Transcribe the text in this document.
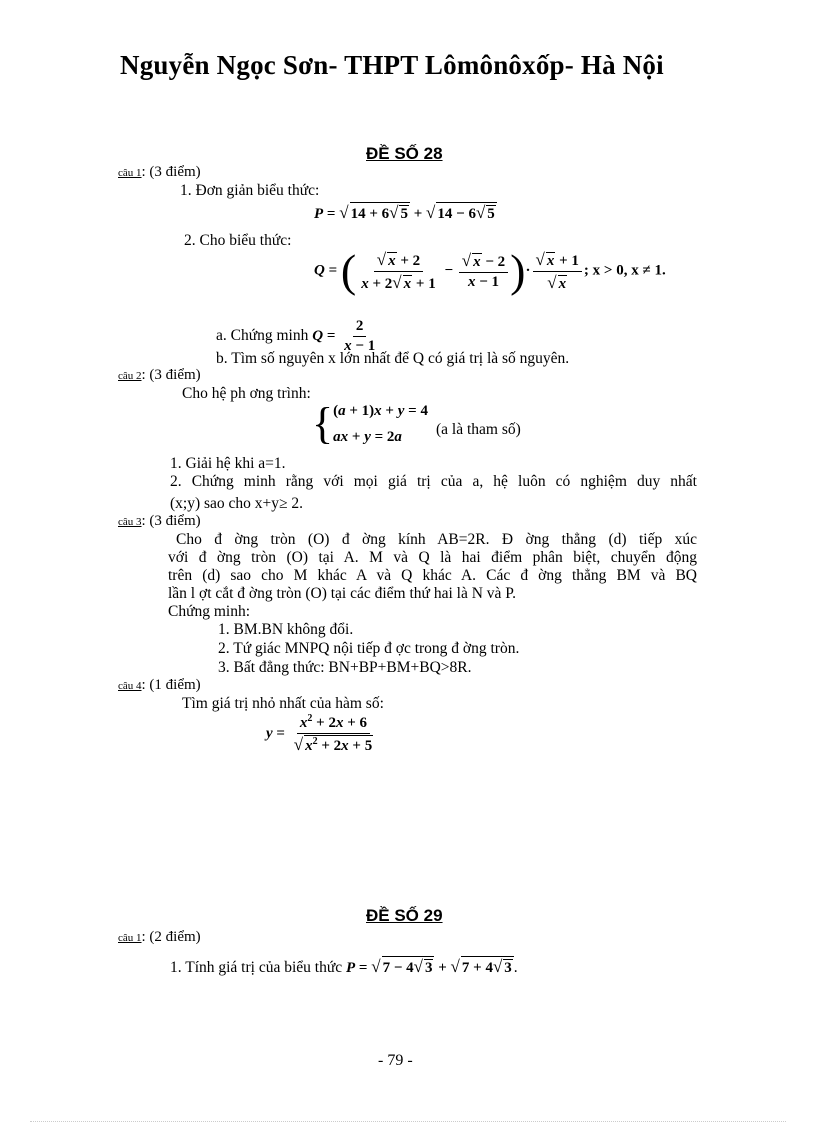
Nguyễn Ngọc Sơn- THPT Lômônôxốp- Hà Nội
ĐỀ SỐ 28
câu 1: (3 điểm)
1. Đơn giản biểu thức:
P = √ 14 + 6√ 5 + √ 14 − 6√ 5
2. Cho biểu thức:
Q = ( $\frac{√ x + 2}{x + 2√ x + 1} - \frac{√ x - 2}{x - 1}$ )· $\frac{√ x + 1}{√ x}$ ; x > 0, x ≠ 1.
a. Chứng minh $Q = \frac{2}{x - 1}$
b. Tìm số nguyên x lớn nhất để Q có giá trị là số nguyên.
câu 2: (3 điểm)
Cho hệ ph ơng trình:
{ (a + 1)x + y = 4
ax + y = 2a	(a là tham số)
1. Giải hệ khi a=1.
2. Chứng minh rằng với mọi giá trị của a, hệ luôn có nghiệm duy nhất
(x;y) sao cho x+y≥ 2.
câu 3: (3 điểm)
Cho đ ờng tròn (O) đ ờng kính AB=2R. Đ ờng thẳng (d) tiếp xúc
với đ ờng tròn (O) tại A. M và Q là hai điểm phân biệt, chuyển động
trên (d) sao cho M khác A và Q khác A. Các đ ờng thẳng BM và BQ
lần l ợt cắt đ ờng tròn (O) tại các điểm thứ hai là N và P.
Chứng minh:
1. BM.BN không đổi.
2. Tứ giác MNPQ nội tiếp đ ợc trong đ ờng tròn.
3. Bất đẳng thức: BN+BP+BM+BQ>8R.
câu 4: (1 điểm)
Tìm giá trị nhỏ nhất của hàm số:
$y = \frac{x^2 + 2x + 6}{√ x^2 + 2x + 5}$
ĐỀ SỐ 29
câu 1: (2 điểm)
1. Tính giá trị của biểu thức P = √ 7 − 4√ 3 + √ 7 + 4√ 3 .
- 79 -
